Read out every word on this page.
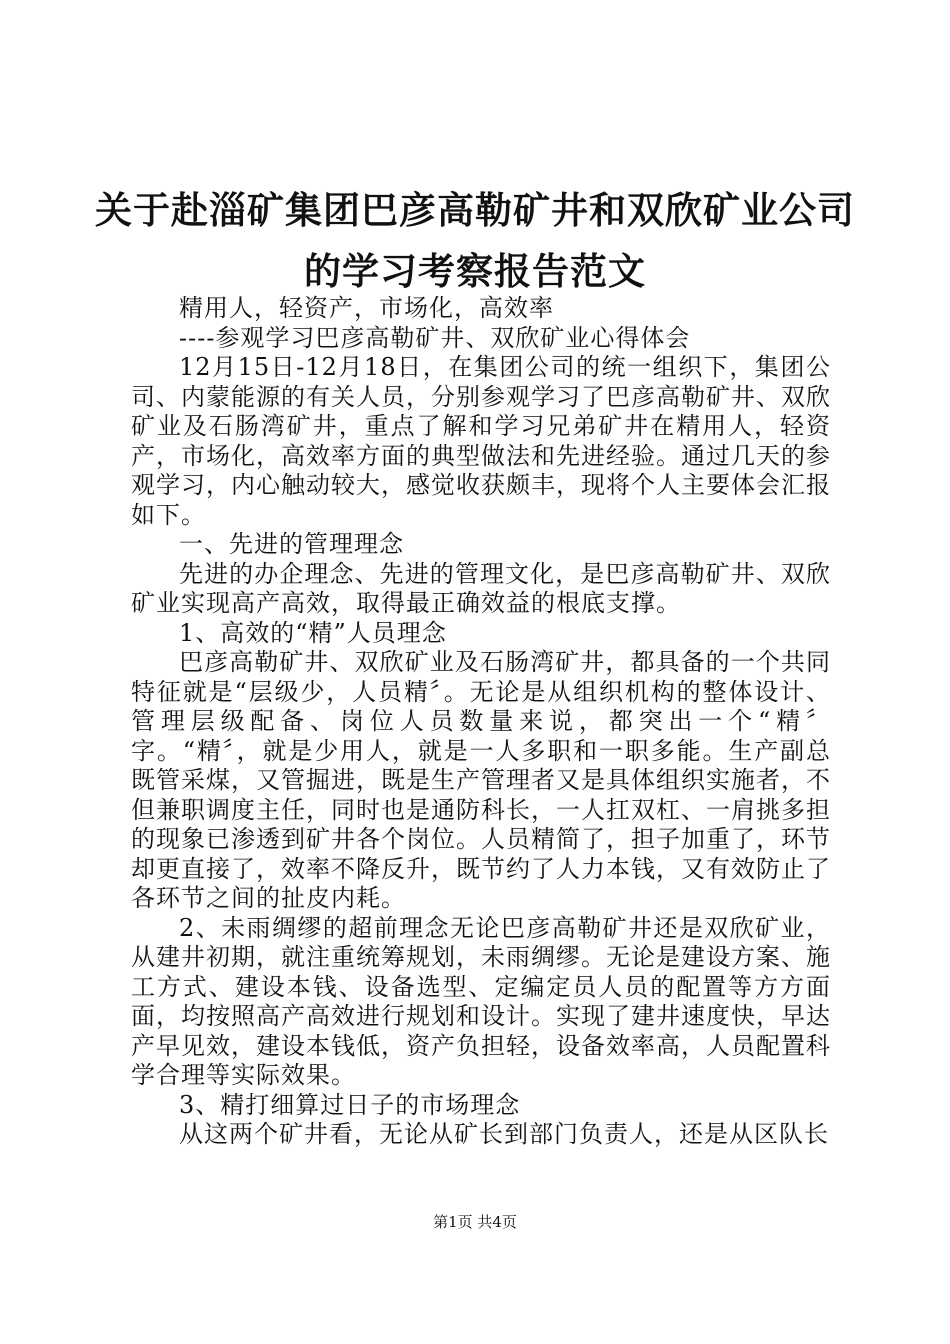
关于赴淄矿集团巴彦高勒矿井和双欣矿业公司
的学习考察报告范文

精用人，轻资产，市场化，高效率

----参观学习巴彦高勒矿井、双欣矿业心得体会

12月15日-12月18日，在集团公司的统一组织下，集团公司、内蒙能源的有关人员，分别参观学习了巴彦高勒矿井、双欣矿业及石肠湾矿井，重点了解和学习兄弟矿井在精用人，轻资产，市场化，高效率方面的典型做法和先进经验。通过几天的参观学习，内心触动较大，感觉收获颇丰，现将个人主要体会汇报如下。

一、先进的管理理念

先进的办企理念、先进的管理文化，是巴彦高勒矿井、双欣矿业实现高产高效，取得最正确效益的根底支撑。

1、高效的“精”人员理念

巴彦高勒矿井、双欣矿业及石肠湾矿井，都具备的一个共同特征就是“层级少，人员精〞。无论是从组织机构的整体设计、管理层级配备、岗位人员数量来说，都突出一个“精〞字。“精〞，就是少用人，就是一人多职和一职多能。生产副总既管采煤，又管掘进，既是生产管理者又是具体组织实施者，不但兼职调度主任，同时也是通防科长，一人扛双杠、一肩挑多担的现象已渗透到矿井各个岗位。人员精简了，担子加重了，环节却更直接了，效率不降反升，既节约了人力本钱，又有效防止了各环节之间的扯皮内耗。

2、未雨绸缪的超前理念无论巴彦高勒矿井还是双欣矿业，从建井初期，就注重统筹规划，未雨绸缪。无论是建设方案、施工方式、建设本钱、设备选型、定编定员人员的配置等方方面面，均按照高产高效进行规划和设计。实现了建井速度快，早达产早见效，建设本钱低，资产负担轻，设备效率高，人员配置科学合理等实际效果。

3、精打细算过日子的市场理念

从这两个矿井看，无论从矿长到部门负责人，还是从区队长

第1页 共4页
